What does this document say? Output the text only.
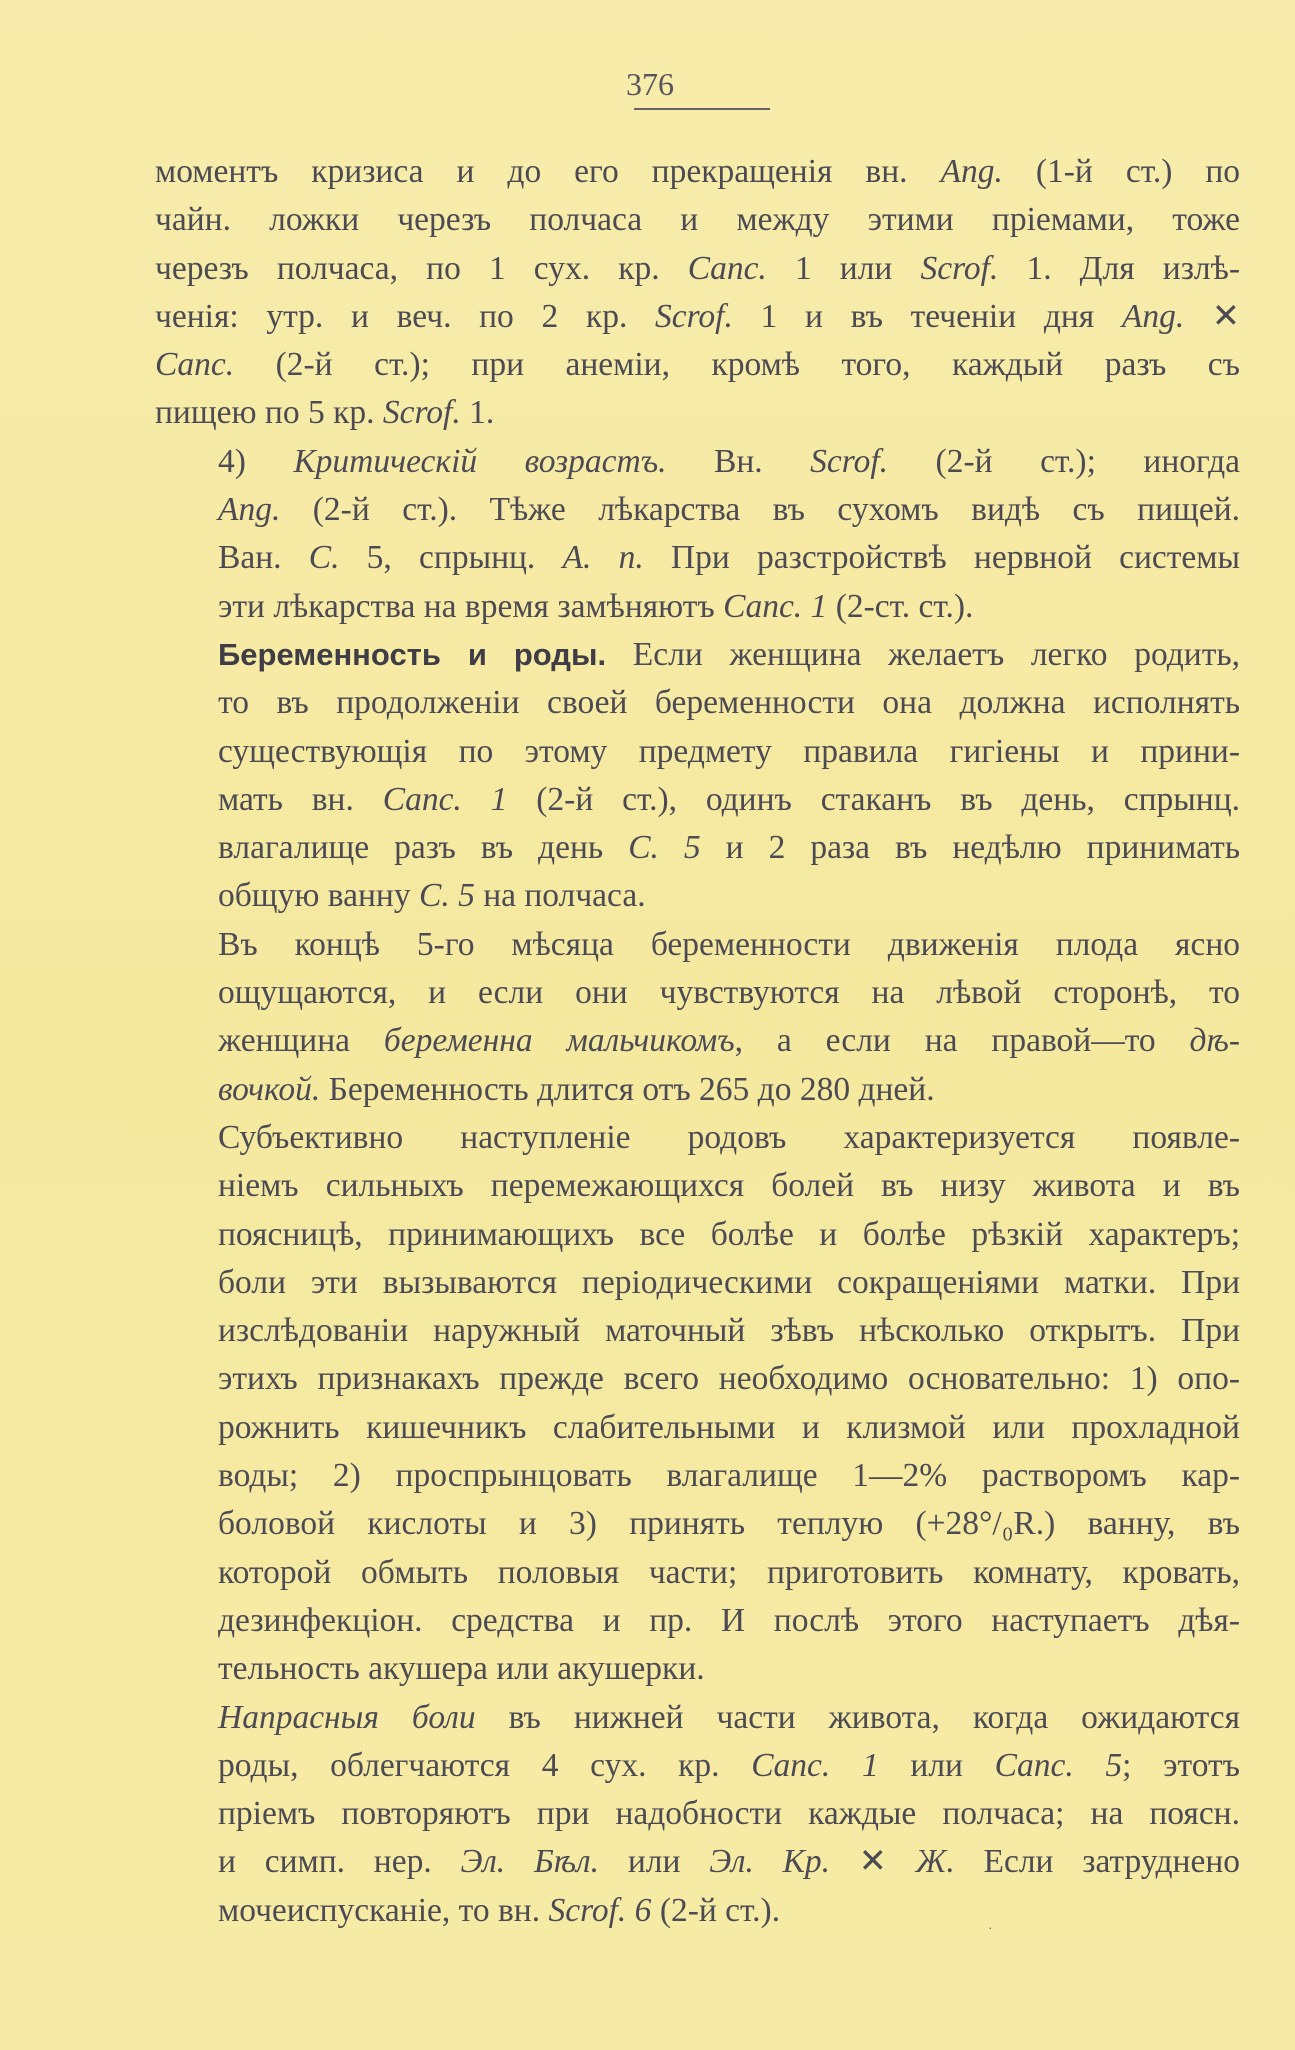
376

моментъ кризиса и до его прекращенія вн. Ang. (1-й ст.) по
чайн. ложки черезъ полчаса и между этими пріемами, тоже
черезъ полчаса, по 1 сух. кр. Canc. 1 или Scrof. 1. Для излѣ-
ченія: утр. и веч. по 2 кр. Scrof. 1 и въ теченіи дня Ang. ✕
Canc. (2-й ст.); при анеміи, кромѣ того, каждый разъ съ
пищею по 5 кр. Scrof. 1.

4) Критическій возрастъ. Вн. Scrof. (2-й ст.); иногда
Ang. (2-й ст.). Тѣже лѣкарства въ сухомъ видѣ съ пищей.
Ван. C. 5, спрынц. A. n. При разстройствѣ нервной системы
эти лѣкарства на время замѣняютъ Canc. 1 (2-ст. ст.).

Беременность и роды. Если женщина желаетъ легко родить,
то въ продолженіи своей беременности она должна исполнять
существующія по этому предмету правила гигіены и прини-
мать вн. Canc. 1 (2-й ст.), одинъ стаканъ въ день, спрынц.
влагалище разъ въ день C. 5 и 2 раза въ недѣлю принимать
общую ванну C. 5 на полчаса.

Въ концѣ 5-го мѣсяца беременности движенія плода ясно
ощущаются, и если они чувствуются на лѣвой сторонѣ, то
женщина беременна мальчикомъ, а если на правой—то дѣ-
вочкой. Беременность длится отъ 265 до 280 дней.

Субъективно наступленіе родовъ характеризуется появле-
ніемъ сильныхъ перемежающихся болей въ низу живота и въ
поясницѣ, принимающихъ все болѣе и болѣе рѣзкій характеръ;
боли эти вызываются періодическими сокращеніями матки. При
изслѣдованіи наружный маточный зѣвъ нѣсколько открытъ. При
этихъ признакахъ прежде всего необходимо основательно: 1) опо-
рожнить кишечникъ слабительными и клизмой или прохладной
воды; 2) проспрынцовать влагалище 1—2% растворомъ кар-
боловой кислоты и 3) принять теплую (+28°/₀R.) ванну, въ
которой обмыть половыя части; приготовить комнату, кровать,
дезинфекціон. средства и пр. И послѣ этого наступаетъ дѣя-
тельность акушера или акушерки.

Напрасныя боли въ нижней части живота, когда ожидаются
роды, облегчаются 4 сух. кр. Canc. 1 или Canc. 5; этотъ
пріемъ повторяютъ при надобности каждые полчаса; на поясн.
и симп. нер. Эл. Бѣл. или Эл. Кр. ✕ Ж. Если затруднено
мочеиспусканіе, то вн. Scrof. 6 (2-й ст.).

·
